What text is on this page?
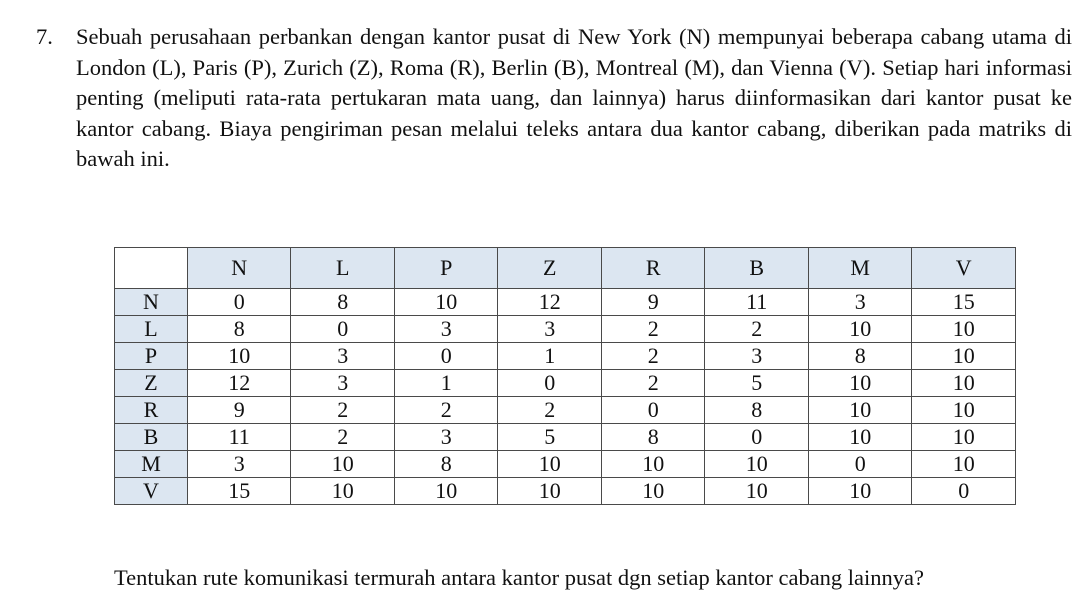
7. Sebuah perusahaan perbankan dengan kantor pusat di New York (N) mempunyai beberapa cabang utama di London (L), Paris (P), Zurich (Z), Roma (R), Berlin (B), Montreal (M), dan Vienna (V). Setiap hari informasi penting (meliputi rata-rata pertukaran mata uang, dan lainnya) harus diinformasikan dari kantor pusat ke kantor cabang. Biaya pengiriman pesan melalui teleks antara dua kantor cabang, diberikan pada matriks di bawah ini.
	N	L	P	Z	R	B	M	V
N	0	8	10	12	9	11	3	15
L	8	0	3	3	2	2	10	10
P	10	3	0	1	2	3	8	10
Z	12	3	1	0	2	5	10	10
R	9	2	2	2	0	8	10	10
B	11	2	3	5	8	0	10	10
M	3	10	8	10	10	10	0	10
V	15	10	10	10	10	10	10	0
Tentukan rute komunikasi termurah antara kantor pusat dgn setiap kantor cabang lainnya?
